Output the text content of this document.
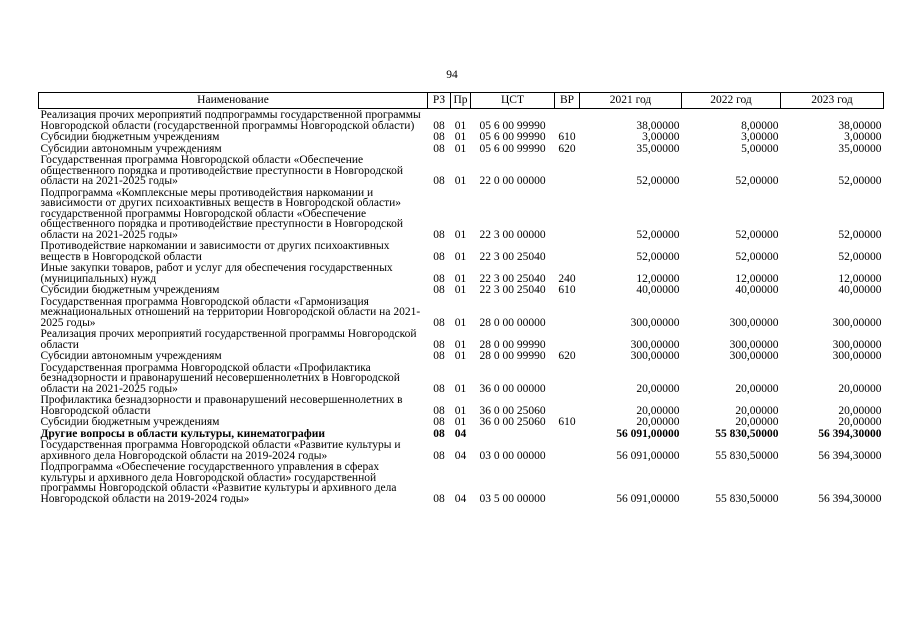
94
Наименование	РЗ	Пр	ЦСТ	ВР	2021 год	2022 год	2023 год
Реализация прочих мероприятий подпрограммы государственной программы Новгородской области (государственной программы Новгородской области)	08	01	05 6 00 99990		38,00000	8,00000	38,00000
Субсидии бюджетным учреждениям	08	01	05 6 00 99990	610	3,00000	3,00000	3,00000
Субсидии автономным учреждениям	08	01	05 6 00 99990	620	35,00000	5,00000	35,00000
Государственная программа Новгородской области «Обеспечение общественного порядка и противодействие преступности в Новгородской области на 2021-2025 годы»	08	01	22 0 00 00000		52,00000	52,00000	52,00000
Подпрограмма «Комплексные меры противодействия наркомании и зависимости от других психоактивных веществ в Новгородской области» государственной программы Новгородской области «Обеспечение общественного порядка и противодействие преступности в Новгородской области на 2021-2025 годы»	08	01	22 3 00 00000		52,00000	52,00000	52,00000
Противодействие наркомании и зависимости от других психоактивных веществ в Новгородской области	08	01	22 3 00 25040		52,00000	52,00000	52,00000
Иные закупки товаров, работ и услуг для обеспечения государственных (муниципальных) нужд	08	01	22 3 00 25040	240	12,00000	12,00000	12,00000
Субсидии бюджетным учреждениям	08	01	22 3 00 25040	610	40,00000	40,00000	40,00000
Государственная программа Новгородской области «Гармонизация межнациональных отношений на территории Новгородской области на 2021-2025 годы»	08	01	28 0 00 00000		300,00000	300,00000	300,00000
Реализация прочих мероприятий государственной программы Новгородской области	08	01	28 0 00 99990		300,00000	300,00000	300,00000
Субсидии автономным учреждениям	08	01	28 0 00 99990	620	300,00000	300,00000	300,00000
Государственная программа Новгородской области «Профилактика безнадзорности и правонарушений несовершеннолетних в Новгородской области на 2021-2025 годы»	08	01	36 0 00 00000		20,00000	20,00000	20,00000
Профилактика безнадзорности и правонарушений несовершеннолетних в Новгородской области	08	01	36 0 00 25060		20,00000	20,00000	20,00000
Субсидии бюджетным учреждениям	08	01	36 0 00 25060	610	20,00000	20,00000	20,00000
Другие вопросы в области культуры, кинематографии	08	04			56 091,00000	55 830,50000	56 394,30000
Государственная программа Новгородской области «Развитие культуры и архивного дела Новгородской области на 2019-2024 годы»	08	04	03 0 00 00000		56 091,00000	55 830,50000	56 394,30000
Подпрограмма «Обеспечение государственного управления в сферах культуры и архивного дела Новгородской области» государственной программы Новгородской области «Развитие культуры и архивного дела Новгородской области на 2019-2024 годы»	08	04	03 5 00 00000		56 091,00000	55 830,50000	56 394,30000
